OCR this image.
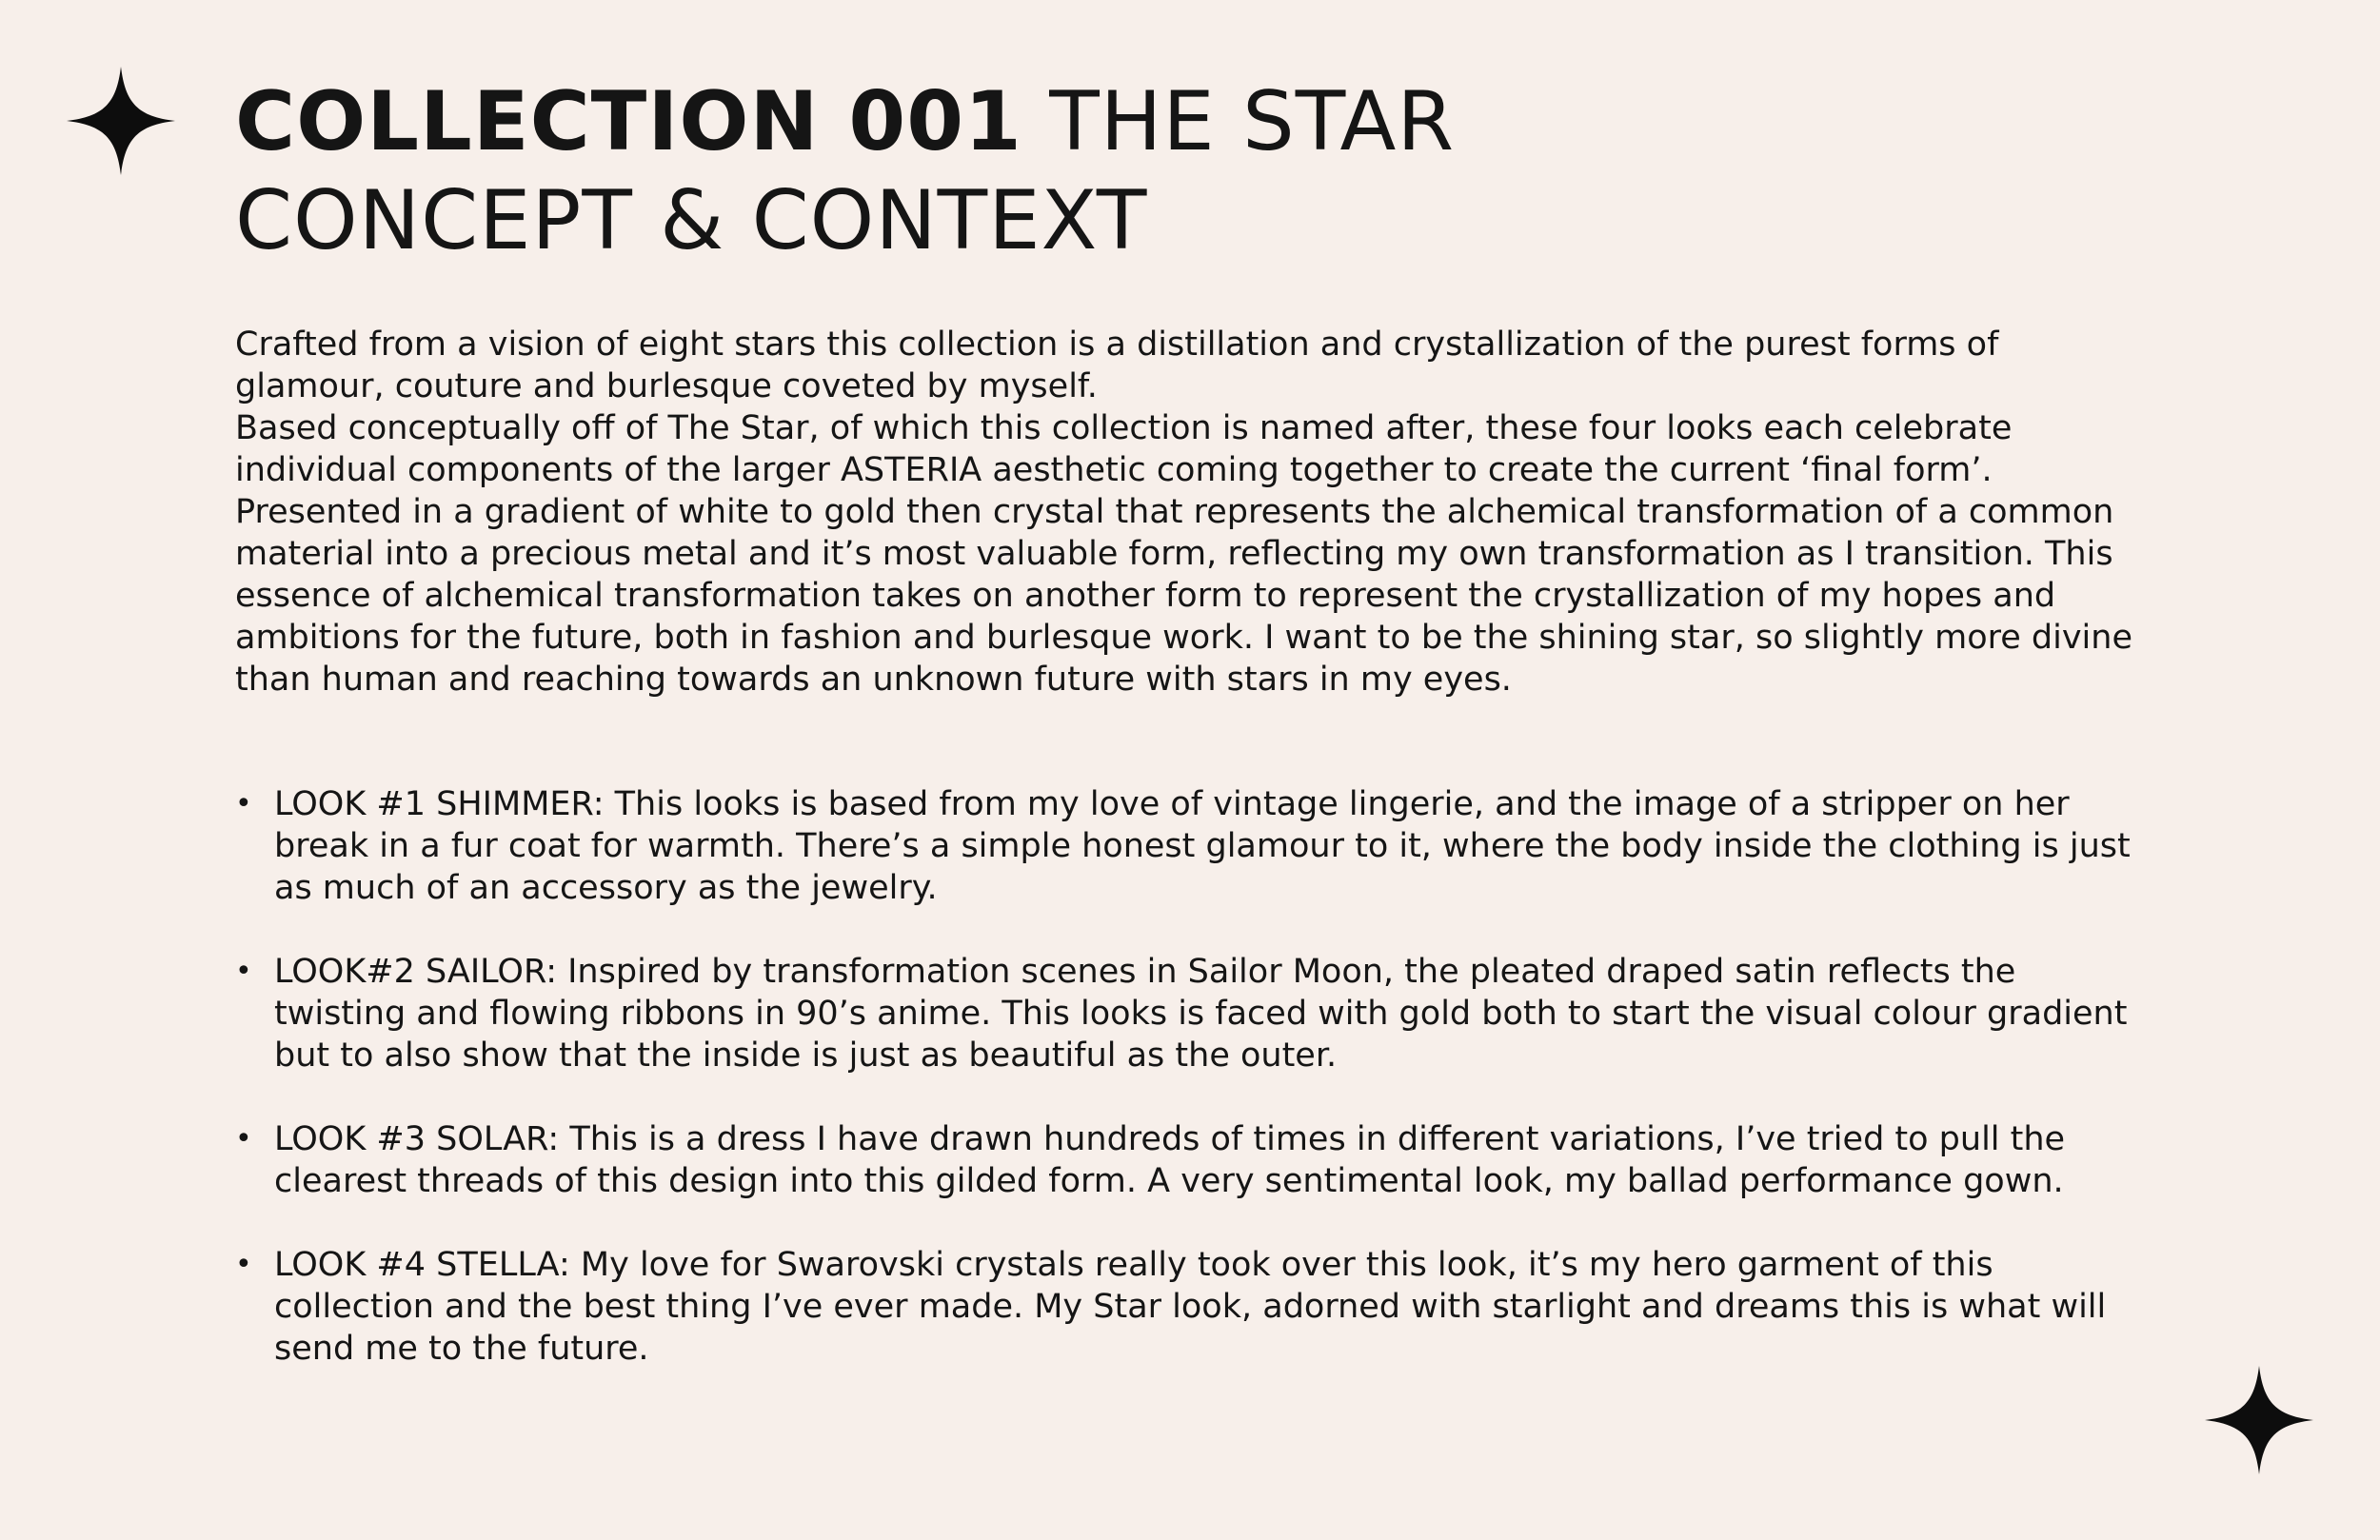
COLLECTION 001 THE STAR
CONCEPT & CONTEXT

Crafted from a vision of eight stars this collection is a distillation and crystallization of the purest forms of glamour, couture and burlesque coveted by myself.

Based conceptually off of The Star, of which this collection is named after, these four looks each celebrate individual components of the larger ASTERIA aesthetic coming together to create the current ‘final form’.

Presented in a gradient of white to gold then crystal that represents the alchemical transformation of a common material into a precious metal and it’s most valuable form, reflecting my own transformation as I transition. This essence of alchemical transformation takes on another form to represent the crystallization of my hopes and ambitions for the future, both in fashion and burlesque work. I want to be the shining star, so slightly more divine than human and reaching towards an unknown future with stars in my eyes.

• LOOK #1 SHIMMER: This looks is based from my love of vintage lingerie, and the image of a stripper on her break in a fur coat for warmth. There’s a simple honest glamour to it, where the body inside the clothing is just as much of an accessory as the jewelry.
• LOOK#2 SAILOR: Inspired by transformation scenes in Sailor Moon, the pleated draped satin reflects the twisting and flowing ribbons in 90’s anime. This looks is faced with gold both to start the visual colour gradient but to also show that the inside is just as beautiful as the outer.
• LOOK #3 SOLAR: This is a dress I have drawn hundreds of times in different variations, I’ve tried to pull the clearest threads of this design into this gilded form. A very sentimental look, my ballad performance gown.
• LOOK #4 STELLA: My love for Swarovski crystals really took over this look, it’s my hero garment of this collection and the best thing I’ve ever made. My Star look, adorned with starlight and dreams this is what will send me to the future.
